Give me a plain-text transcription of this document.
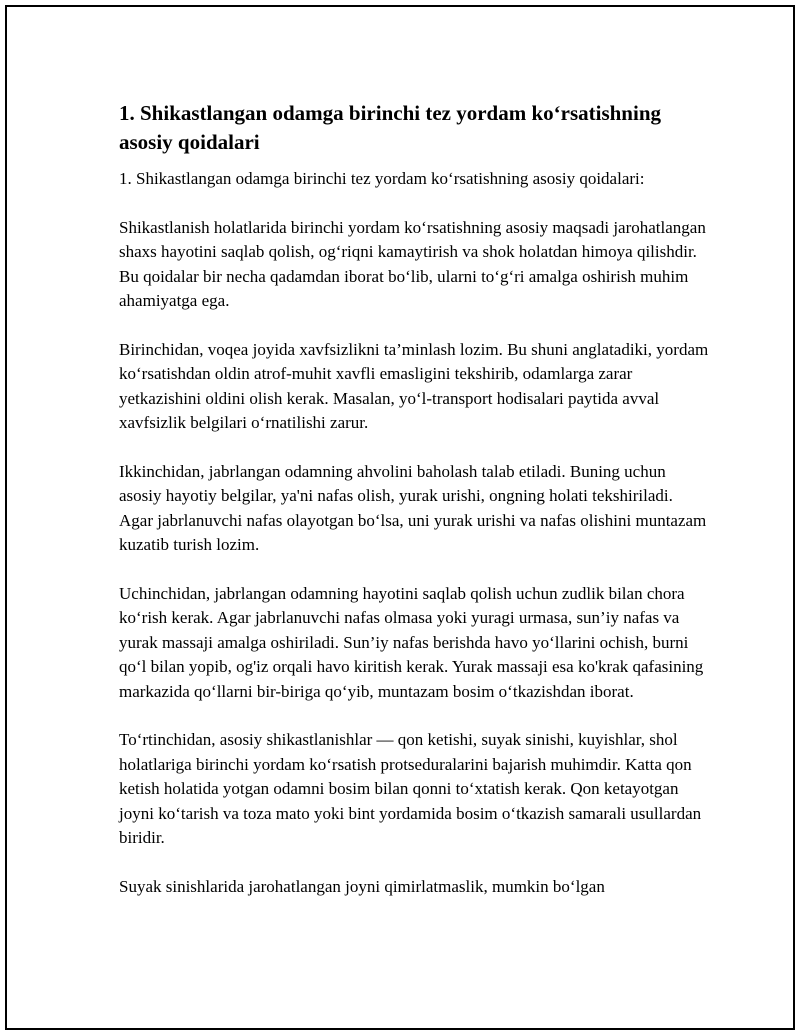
1. Shikastlangan odamga birinchi tez yordam ko‘rsatishning asosiy qoidalari

1. Shikastlangan odamga birinchi tez yordam ko‘rsatishning asosiy qoidalari:

Shikastlanish holatlarida birinchi yordam ko‘rsatishning asosiy maqsadi jarohatlangan shaxs hayotini saqlab qolish, og‘riqni kamaytirish va shok holatdan himoya qilishdir. Bu qoidalar bir necha qadamdan iborat bo‘lib, ularni to‘g‘ri amalga oshirish muhim ahamiyatga ega.

Birinchidan, voqea joyida xavfsizlikni ta’minlash lozim. Bu shuni anglatadiki, yordam ko‘rsatishdan oldin atrof-muhit xavfli emasligini tekshirib, odamlarga zarar yetkazishini oldini olish kerak. Masalan, yo‘l-transport hodisalari paytida avval xavfsizlik belgilari o‘rnatilishi zarur.

Ikkinchidan, jabrlangan odamning ahvolini baholash talab etiladi. Buning uchun asosiy hayotiy belgilar, ya'ni nafas olish, yurak urishi, ongning holati tekshiriladi. Agar jabrlanuvchi nafas olayotgan bo‘lsa, uni yurak urishi va nafas olishini muntazam kuzatib turish lozim.

Uchinchidan, jabrlangan odamning hayotini saqlab qolish uchun zudlik bilan chora ko‘rish kerak. Agar jabrlanuvchi nafas olmasa yoki yuragi urmasa, sun’iy nafas va yurak massaji amalga oshiriladi. Sun’iy nafas berishda havo yo‘llarini ochish, burni qo‘l bilan yopib, og'iz orqali havo kiritish kerak. Yurak massaji esa ko'krak qafasining markazida qo‘llarni bir-biriga qo‘yib, muntazam bosim o‘tkazishdan iborat.

To‘rtinchidan, asosiy shikastlanishlar — qon ketishi, suyak sinishi, kuyishlar, shol holatlariga birinchi yordam ko‘rsatish protseduralarini bajarish muhimdir. Katta qon ketish holatida yotgan odamni bosim bilan qonni to‘xtatish kerak. Qon ketayotgan joyni ko‘tarish va toza mato yoki bint yordamida bosim o‘tkazish samarali usullardan biridir.

Suyak sinishlarida jarohatlangan joyni qimirlatmaslik, mumkin bo‘lgan
